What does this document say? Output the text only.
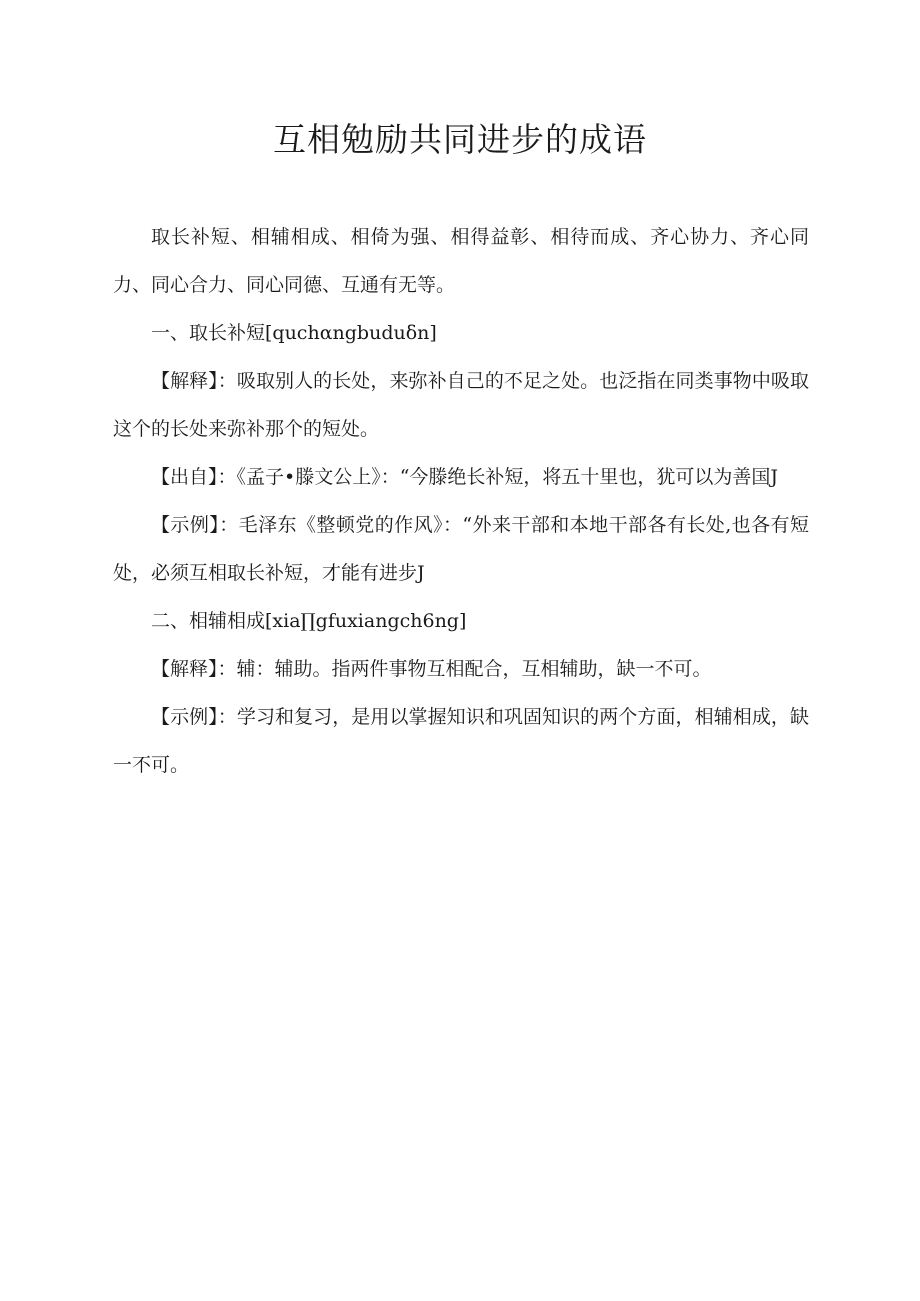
互相勉励共同进步的成语

取长补短、相辅相成、相倚为强、相得益彰、相待而成、齐心协力、齐心同力、同心合力、同心同德、互通有无等。

一、取长补短[quchαngbuduδn]

【解释】：吸取别人的长处，来弥补自己的不足之处。也泛指在同类事物中吸取这个的长处来弥补那个的短处。

【出自】：《孟子•滕文公上》：“今滕绝长补短，将五十里也，犹可以为善国J

【示例】：毛泽东《整顿党的作风》：“外来干部和本地干部各有长处,也各有短处，必须互相取长补短，才能有进步J

二、相辅相成[xia∏gfuxiangch6ng]

【解释】：辅：辅助。指两件事物互相配合，互相辅助，缺一不可。

【示例】：学习和复习，是用以掌握知识和巩固知识的两个方面，相辅相成，缺一不可。
